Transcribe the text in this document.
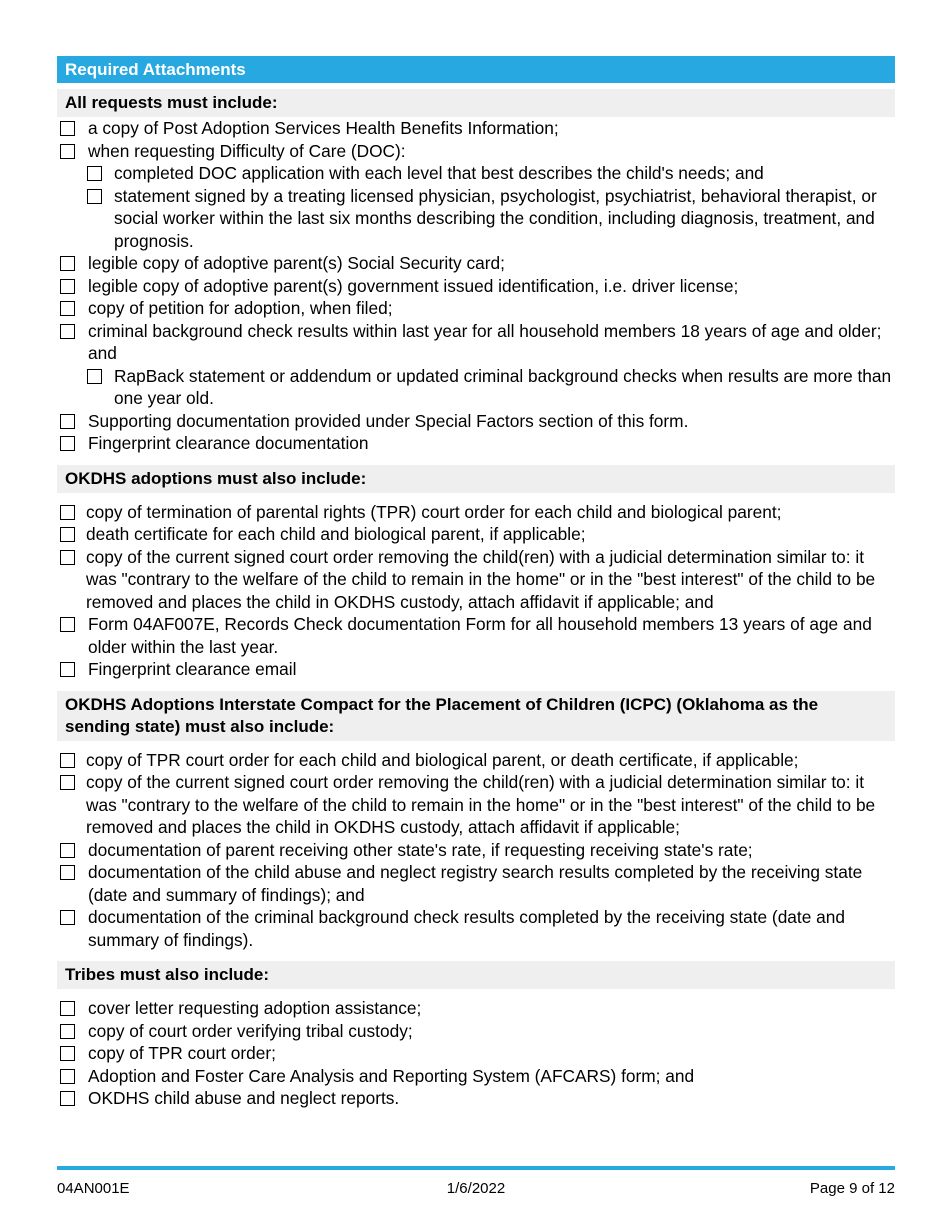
Required Attachments
All requests must include:
a copy of Post Adoption Services Health Benefits Information;
when requesting Difficulty of Care (DOC):
completed DOC application with each level that best describes the child's needs; and
statement signed by a treating licensed physician, psychologist, psychiatrist, behavioral therapist, or social worker within the last six months describing the condition, including diagnosis, treatment, and prognosis.
legible copy of adoptive parent(s) Social Security card;
legible copy of adoptive parent(s) government issued identification, i.e. driver license;
copy of petition for adoption, when filed;
criminal background check results within last year for all household members 18 years of age and older; and
RapBack statement or addendum or updated criminal background checks when results are more than one year old.
Supporting documentation provided under Special Factors section of this form.
Fingerprint clearance documentation
OKDHS adoptions must also include:
copy of termination of parental rights (TPR) court order for each child and biological parent;
death certificate for each child and biological parent, if applicable;
copy of the current signed court order removing the child(ren) with a judicial determination similar to: it was "contrary to the welfare of the child to remain in the home" or in the "best interest" of the child to be removed and places the child in OKDHS custody, attach affidavit if applicable; and
Form 04AF007E, Records Check documentation Form for all household members 13 years of age and older within the last year.
Fingerprint clearance email
OKDHS Adoptions Interstate Compact for the Placement of Children (ICPC) (Oklahoma as the sending state) must also include:
copy of TPR court order for each child and biological parent, or death certificate, if applicable;
copy of the current signed court order removing the child(ren) with a judicial determination similar to: it was "contrary to the welfare of the child to remain in the home" or in the "best interest" of the child to be removed and places the child in OKDHS custody, attach affidavit if applicable;
documentation of parent receiving other state's rate, if requesting receiving state's rate;
documentation of the child abuse and neglect registry search results completed by the receiving state (date and summary of findings); and
documentation of the criminal background check results completed by the receiving state (date and summary of findings).
Tribes must also include:
cover letter requesting adoption assistance;
copy of court order verifying tribal custody;
copy of TPR court order;
Adoption and Foster Care Analysis and Reporting System (AFCARS) form; and
OKDHS child abuse and neglect reports.
04AN001E	1/6/2022	Page 9 of 12
